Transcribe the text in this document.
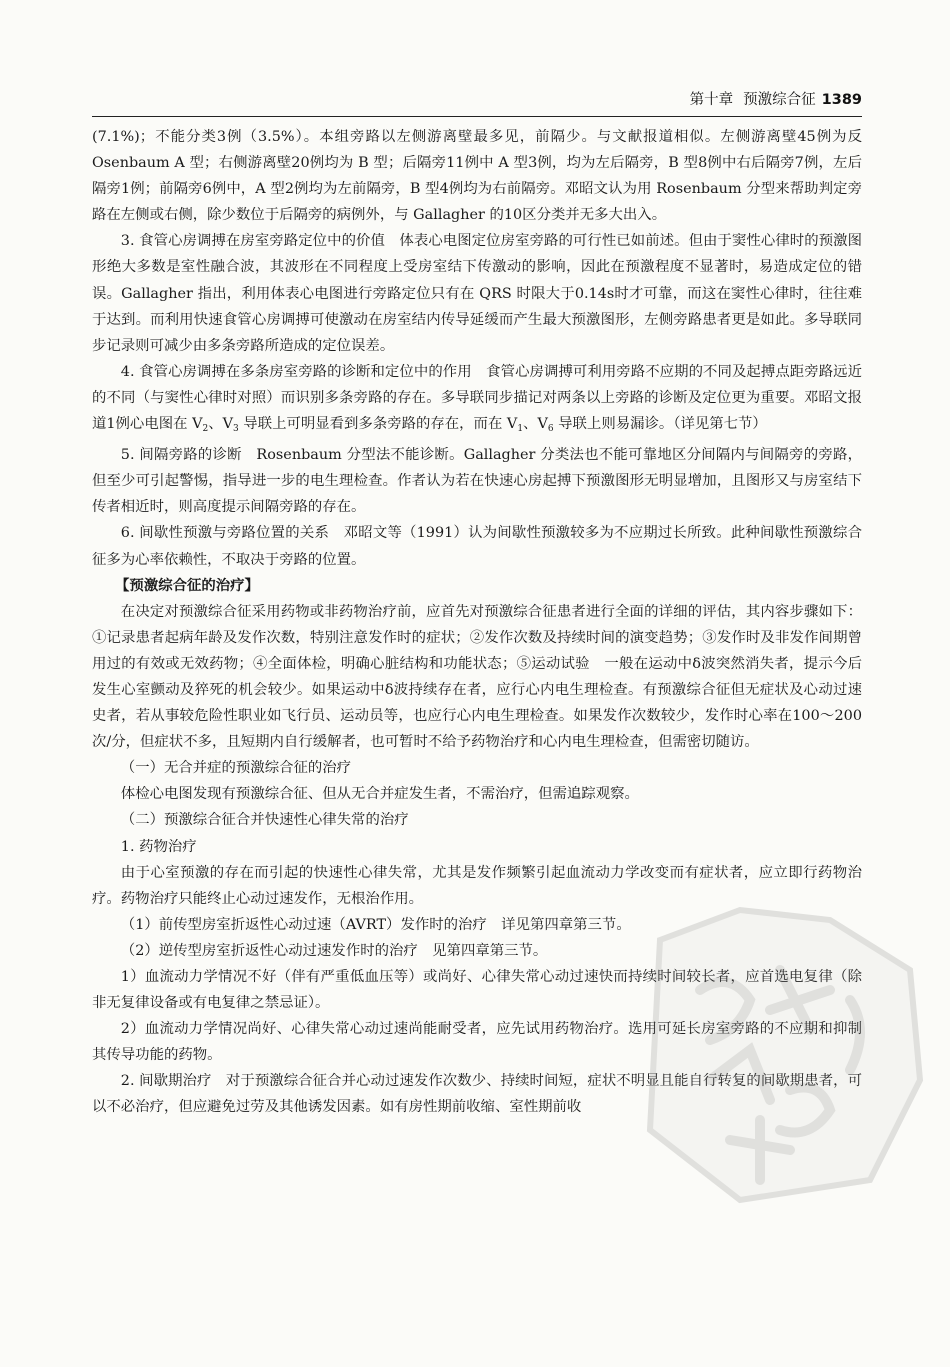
第十章 预激综合征 1389

(7.1%)；不能分类3例（3.5%）。本组旁路以左侧游离壁最多见，前隔少。与文献报道相似。左侧游离壁45例为反 Osenbaum A 型；右侧游离壁20例均为 B 型；后隔旁11例中 A 型3例，均为左后隔旁，B 型8例中右后隔旁7例，左后隔旁1例；前隔旁6例中，A 型2例均为左前隔旁，B 型4例均为右前隔旁。邓昭文认为用 Rosenbaum 分型来帮助判定旁路在左侧或右侧，除少数位于后隔旁的病例外，与 Gallagher 的10区分类并无多大出入。

3. 食管心房调搏在房室旁路定位中的价值　体表心电图定位房室旁路的可行性已如前述。但由于窦性心律时的预激图形绝大多数是室性融合波，其波形在不同程度上受房室结下传激动的影响，因此在预激程度不显著时，易造成定位的错误。Gallagher 指出，利用体表心电图进行旁路定位只有在 QRS 时限大于0.14s时才可靠，而这在窦性心律时，往往难于达到。而利用快速食管心房调搏可使激动在房室结内传导延缓而产生最大预激图形，左侧旁路患者更是如此。多导联同步记录则可减少由多条旁路所造成的定位误差。

4. 食管心房调搏在多条房室旁路的诊断和定位中的作用　食管心房调搏可利用旁路不应期的不同及起搏点距旁路远近的不同（与窦性心律时对照）而识别多条旁路的存在。多导联同步描记对两条以上旁路的诊断及定位更为重要。邓昭文报道1例心电图在 $V_2$、$V_3$ 导联上可明显看到多条旁路的存在，而在 $V_1$、$V_6$ 导联上则易漏诊。（详见第七节）

5. 间隔旁路的诊断　Rosenbaum 分型法不能诊断。Gallagher 分类法也不能可靠地区分间隔内与间隔旁的旁路，但至少可引起警惕，指导进一步的电生理检查。作者认为若在快速心房起搏下预激图形无明显增加，且图形又与房室结下传者相近时，则高度提示间隔旁路的存在。

6. 间歇性预激与旁路位置的关系　邓昭文等（1991）认为间歇性预激较多为不应期过长所致。此种间歇性预激综合征多为心率依赖性，不取决于旁路的位置。

【预激综合征的治疗】

在决定对预激综合征采用药物或非药物治疗前，应首先对预激综合征患者进行全面的详细的评估，其内容步骤如下：①记录患者起病年龄及发作次数，特别注意发作时的症状；②发作次数及持续时间的演变趋势；③发作时及非发作间期曾用过的有效或无效药物；④全面体检，明确心脏结构和功能状态；⑤运动试验　一般在运动中δ波突然消失者，提示今后发生心室颤动及猝死的机会较少。如果运动中δ波持续存在者，应行心内电生理检查。有预激综合征但无症状及心动过速史者，若从事较危险性职业如飞行员、运动员等，也应行心内电生理检查。如果发作次数较少，发作时心率在100～200次/分，但症状不多，且短期内自行缓解者，也可暂时不给予药物治疗和心内电生理检查，但需密切随访。

（一）无合并症的预激综合征的治疗

体检心电图发现有预激综合征、但从无合并症发生者，不需治疗，但需追踪观察。

（二）预激综合征合并快速性心律失常的治疗

1. 药物治疗

由于心室预激的存在而引起的快速性心律失常，尤其是发作频繁引起血流动力学改变而有症状者，应立即行药物治疗。药物治疗只能终止心动过速发作，无根治作用。

（1）前传型房室折返性心动过速（AVRT）发作时的治疗　详见第四章第三节。

（2）逆传型房室折返性心动过速发作时的治疗　见第四章第三节。

1）血流动力学情况不好（伴有严重低血压等）或尚好、心律失常心动过速快而持续时间较长者，应首选电复律（除非无复律设备或有电复律之禁忌证）。

2）血流动力学情况尚好、心律失常心动过速尚能耐受者，应先试用药物治疗。选用可延长房室旁路的不应期和抑制其传导功能的药物。

2. 间歇期治疗　对于预激综合征合并心动过速发作次数少、持续时间短，症状不明显且能自行转复的间歇期患者，可以不必治疗，但应避免过劳及其他诱发因素。如有房性期前收缩、室性期前收
